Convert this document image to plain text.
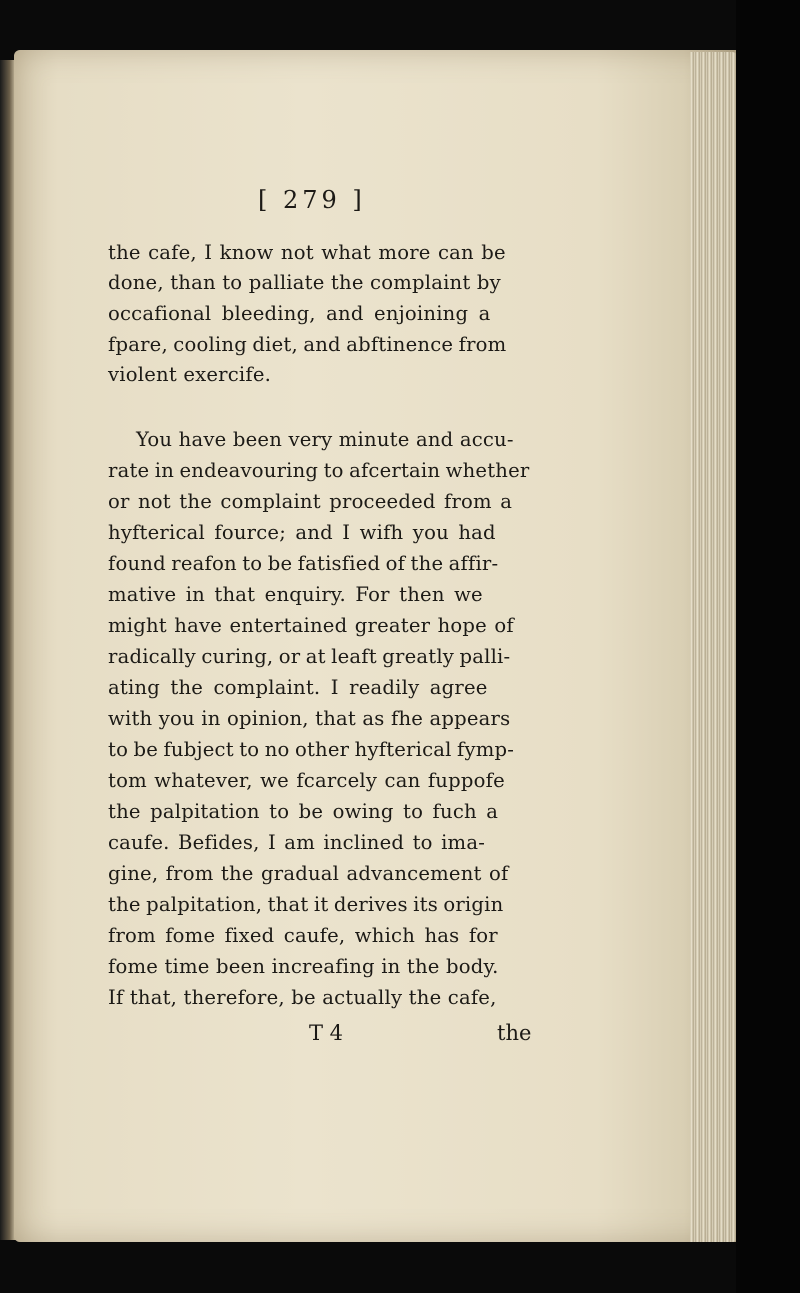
[ 279 ]
the cafe, I know not what more can be
done, than to palliate the complaint by
occafional bleeding, and enjoining a
fpare, cooling diet, and abftinence from
violent exercife.
You have been very minute and accu-
rate in endeavouring to afcertain whether
or not the complaint proceeded from a
hyfterical fource; and I wifh you had
found reafon to be fatisfied of the affir-
mative in that enquiry. For then we
might have entertained greater hope of
radically curing, or at leaft greatly palli-
ating the complaint. I readily agree
with you in opinion, that as fhe appears
to be fubject to no other hyfterical fymp-
tom whatever, we fcarcely can fuppofe
the palpitation to be owing to fuch a
caufe. Befides, I am inclined to ima-
gine, from the gradual advancement of
the palpitation, that it derives its origin
from fome fixed caufe, which has for
fome time been increafing in the body.
If that, therefore, be actually the cafe,
T 4	the
